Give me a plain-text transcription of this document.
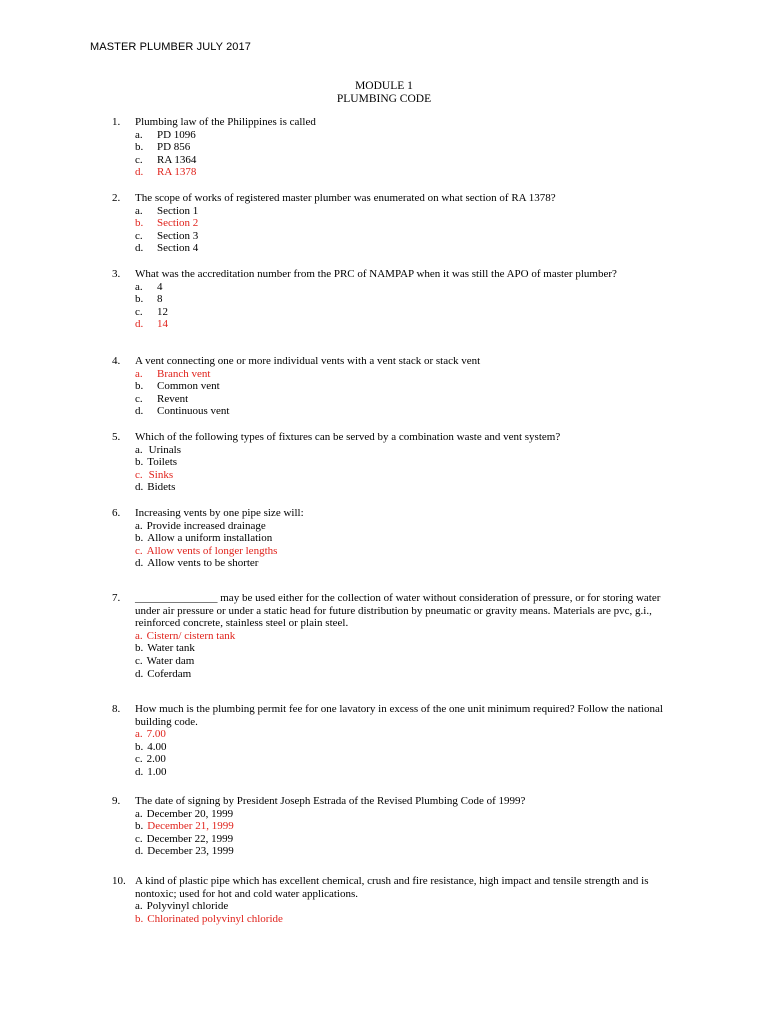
MASTER PLUMBER JULY 2017
MODULE 1
PLUMBING CODE
1.	Plumbing law of the Philippines is called
a.	PD 1096
b.	PD 856
c.	RA 1364
d.	RA 1378
2.	The scope of works of registered master plumber was enumerated on what section of RA 1378?
a.	Section 1
b.	Section 2
c.	Section 3
d.	Section 4
3.	What was the accreditation number from the PRC of NAMPAP when it was still the APO of master plumber?
a.	4
b.	8
c.	12
d.	14
4.	A vent connecting one or more individual vents with a vent stack or stack vent
a.	Branch vent
b.	Common vent
c.	Revent
d.	Continuous vent
5.	Which of the following types of fixtures can be served by a combination waste and vent system?
a. Urinals
b. Toilets
c. Sinks
d. Bidets
6.	Increasing vents by one pipe size will:
a. Provide increased drainage
b. Allow a uniform installation
c. Allow vents of longer lengths
d. Allow vents to be shorter
7.	_______________ may be used either for the collection of water without consideration of pressure, or for storing water under air pressure or under a static head for future distribution by pneumatic or gravity means. Materials are pvc, g.i., reinforced concrete, stainless steel or plain steel.
a. Cistern/ cistern tank
b. Water tank
c. Water dam
d. Coferdam
8.	How much is the plumbing permit fee for one lavatory in excess of the one unit minimum required? Follow the national building code.
a. 7.00
b. 4.00
c. 2.00
d. 1.00
9.	The date of signing by President Joseph Estrada of the Revised Plumbing Code of 1999?
a. December 20, 1999
b. December 21, 1999
c. December 22, 1999
d. December 23, 1999
10. A kind of plastic pipe which has excellent chemical, crush and fire resistance, high impact and tensile strength and is nontoxic; used for hot and cold water applications.
a. Polyvinyl chloride
b. Chlorinated polyvinyl chloride
